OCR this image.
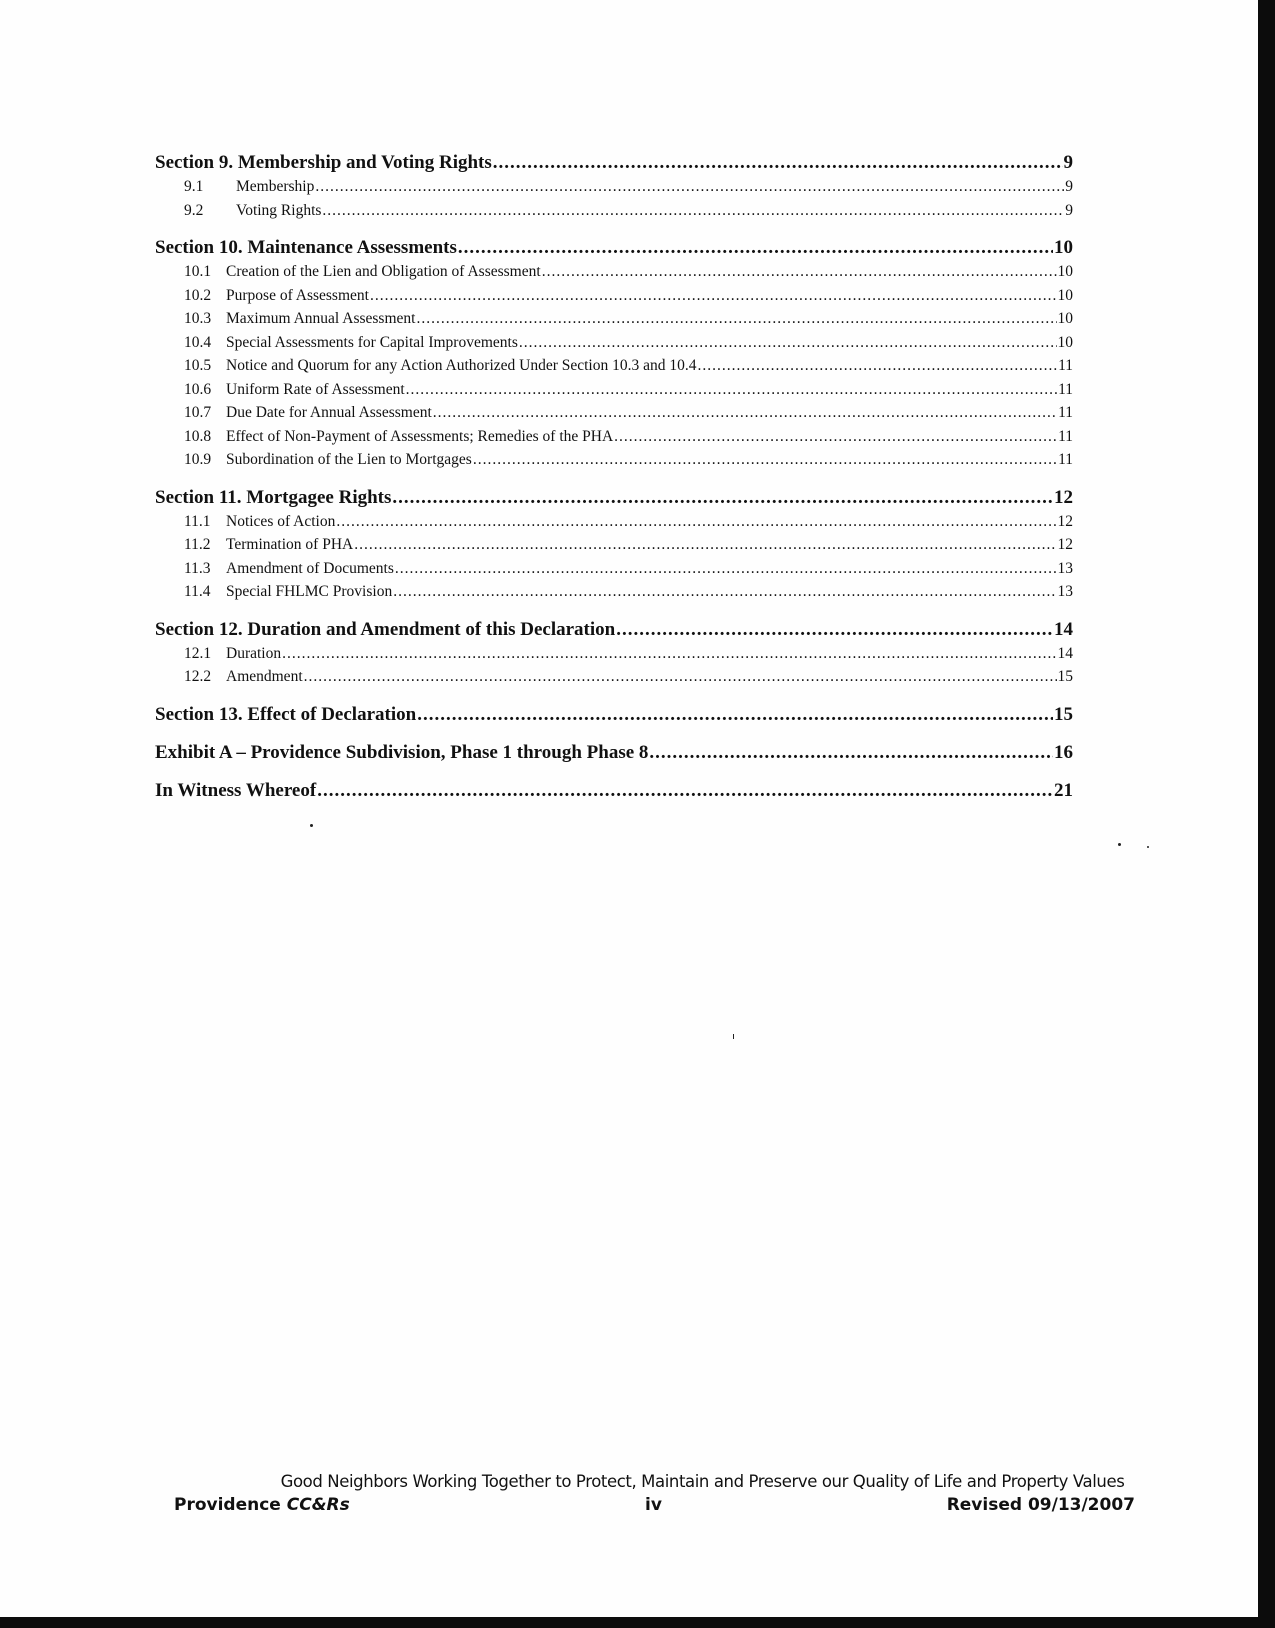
Section 9. Membership and Voting Rights .....	9
9.1 Membership .....	9
9.2 Voting Rights .....	9
Section 10. Maintenance Assessments .....	10
10.1 Creation of the Lien and Obligation of Assessment .....	10
10.2 Purpose of Assessment .....	10
10.3 Maximum Annual Assessment .....	10
10.4 Special Assessments for Capital Improvements .....	10
10.5 Notice and Quorum for any Action Authorized Under Section 10.3 and 10.4 .....	11
10.6 Uniform Rate of Assessment .....	11
10.7 Due Date for Annual Assessment .....	11
10.8 Effect of Non-Payment of Assessments; Remedies of the PHA .....	11
10.9 Subordination of the Lien to Mortgages .....	11
Section 11. Mortgagee Rights .....	12
11.1 Notices of Action .....	12
11.2 Termination of PHA .....	12
11.3 Amendment of Documents .....	13
11.4 Special FHLMC Provision .....	13
Section 12. Duration and Amendment of this Declaration .....	14
12.1 Duration .....	14
12.2 Amendment .....	15
Section 13. Effect of Declaration .....	15
Exhibit A – Providence Subdivision, Phase 1 through Phase 8 .....	16
In Witness Whereof .....	21
Good Neighbors Working Together to Protect, Maintain and Preserve our Quality of Life and Property Values
Providence CC&Rs	iv	Revised 09/13/2007
